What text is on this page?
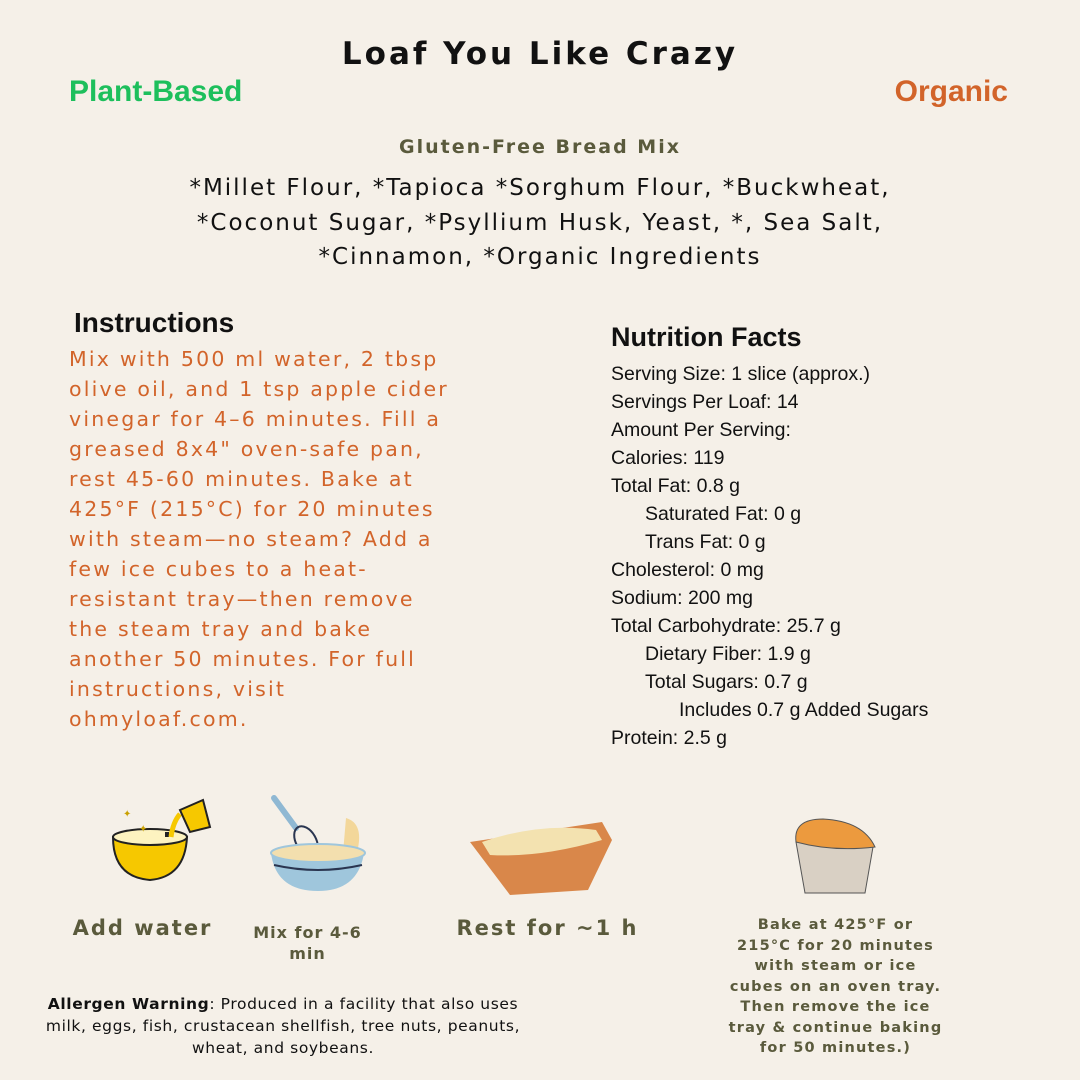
Loaf You Like Crazy
Plant-Based	Organic
Gluten-Free Bread Mix
*Millet Flour, *Tapioca *Sorghum Flour, *Buckwheat,
*Coconut Sugar, *Psyllium Husk, Yeast, *, Sea Salt,
*Cinnamon, *Organic Ingredients
Instructions
Mix with 500 ml water, 2 tbsp olive oil, and 1 tsp apple cider vinegar for 4–6 minutes. Fill a greased 8x4" oven-safe pan, rest 45-60 minutes. Bake at 425°F (215°C) for 20 minutes with steam—no steam? Add a few ice cubes to a heat-resistant tray—then remove the steam tray and bake another 50 minutes. For full instructions, visit ohmyloaf.com.
Nutrition Facts
Serving Size: 1 slice (approx.)
Servings Per Loaf: 14
Amount Per Serving:
Calories: 119
Total Fat: 0.8 g
Saturated Fat: 0 g
Trans Fat: 0 g
Cholesterol: 0 mg
Sodium: 200 mg
Total Carbohydrate: 25.7 g
Dietary Fiber: 1.9 g
Total Sugars: 0.7 g
Includes 0.7 g Added Sugars
Protein: 2.5 g
✦
✦
Add water	Mix for 4-6 min
Rest for ~1 h	Bake at 425°F or 215°C for 20 minutes with steam or ice cubes on an oven tray. Then remove the ice tray & continue baking for 50 minutes.)
Allergen Warning: Produced in a facility that also uses milk, eggs, fish, crustacean shellfish, tree nuts, peanuts, wheat, and soybeans.
